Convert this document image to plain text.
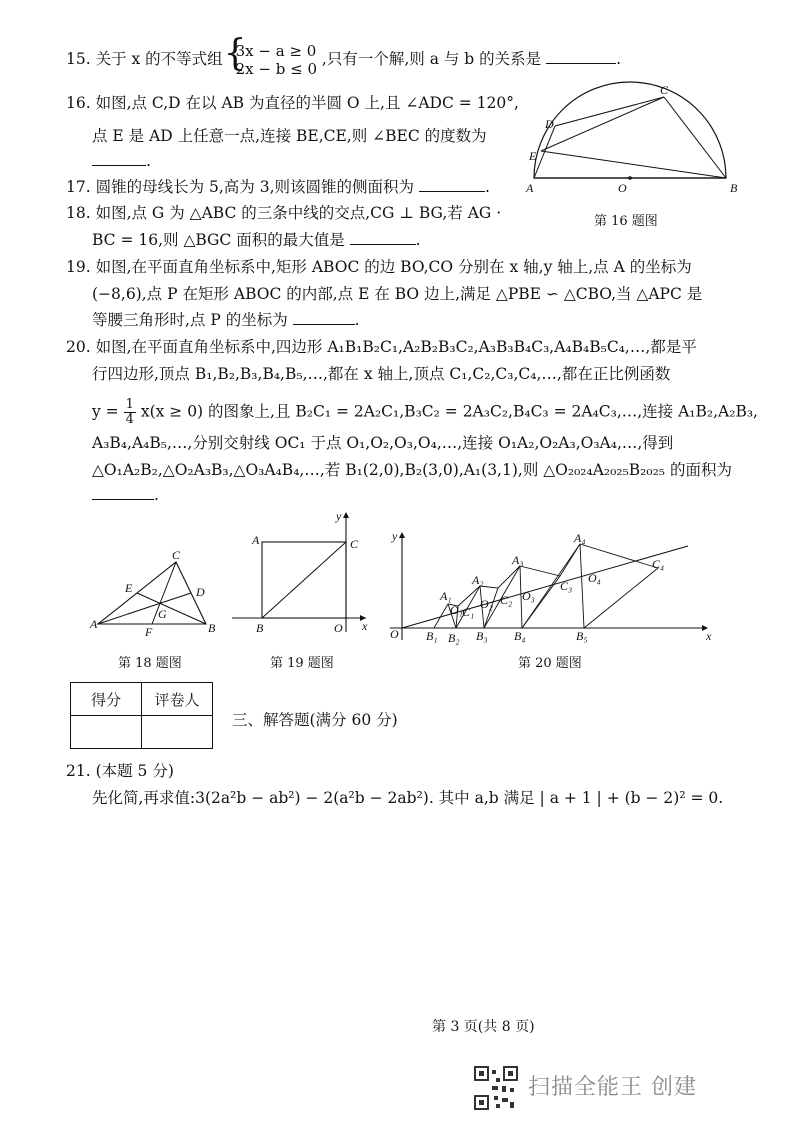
15. 关于 x 的不等式组 { 3x − a ≥ 0
2x − b ≤ 0
,只有一个解,则 a 与 b 的关系是	.
16. 如图,点 C,D 在以 AB 为直径的半圆 O 上,且 ∠ADC = 120°,
点 E 是 AD 上任意一点,连接 BE,CE,则 ∠BEC 的度数为
.
A	B
C
D
E
O
第 16 题图
17. 圆锥的母线长为 5,高为 3,则该圆锥的侧面积为	.
18. 如图,点 G 为 △ABC 的三条中线的交点,CG ⊥ BG,若 AG ·
BC = 16,则 △BGC 面积的最大值是	.
19. 如图,在平面直角坐标系中,矩形 ABOC 的边 BO,CO 分别在 x 轴,y 轴上,点 A 的坐标为
(−8,6),点 P 在矩形 ABOC 的内部,点 E 在 BO 边上,满足 △PBE ∽ △CBO,当 △APC 是
等腰三角形时,点 P 的坐标为	.
20. 如图,在平面直角坐标系中,四边形 A₁B₁B₂C₁,A₂B₂B₃C₂,A₃B₃B₄C₃,A₄B₄B₅C₄,…,都是平
行四边形,顶点 B₁,B₂,B₃,B₄,B₅,…,都在 x 轴上,顶点 C₁,C₂,C₃,C₄,…,都在正比例函数
$y = \frac{1}{4} x(x \ge 0)$ 的图象上,且 B₂C₁ = 2A₂C₁,B₃C₂ = 2A₃C₂,B₄C₃ = 2A₄C₃,…,连接 A₁B₂,A₂B₃,
A₃B₄,A₄B₅,…,分别交射线 OC₁ 于点 O₁,O₂,O₃,O₄,…,连接 O₁A₂,O₂A₃,O₃A₄,…,得到
△O₁A₂B₂,△O₂A₃B₃,△O₃A₄B₄,…,若 B₁(2,0),B₂(3,0),A₁(3,1),则 △O₂₀₂₄A₂₀₂₅B₂₀₂₅ 的面积为
.
A	B
C
D
E
F
G
第 18 题图
A
B
C
O x
y
第 19 题图
O	x
y
A₁
A₂
A₃
A₄
B₁ B₂ B₃ B₄	B₅
C₁
C₂
C₃
C₄
O₁ O₂
O₃
O₄
第 20 题图
得分	评卷人

三、解答题(满分 60 分)
21. (本题 5 分)
先化简,再求值:3(2a²b − ab²) − 2(a²b − 2ab²). 其中 a,b 满足 | a + 1 | + (b − 2)² = 0.
第 3 页(共 8 页)
扫描全能王 创建
